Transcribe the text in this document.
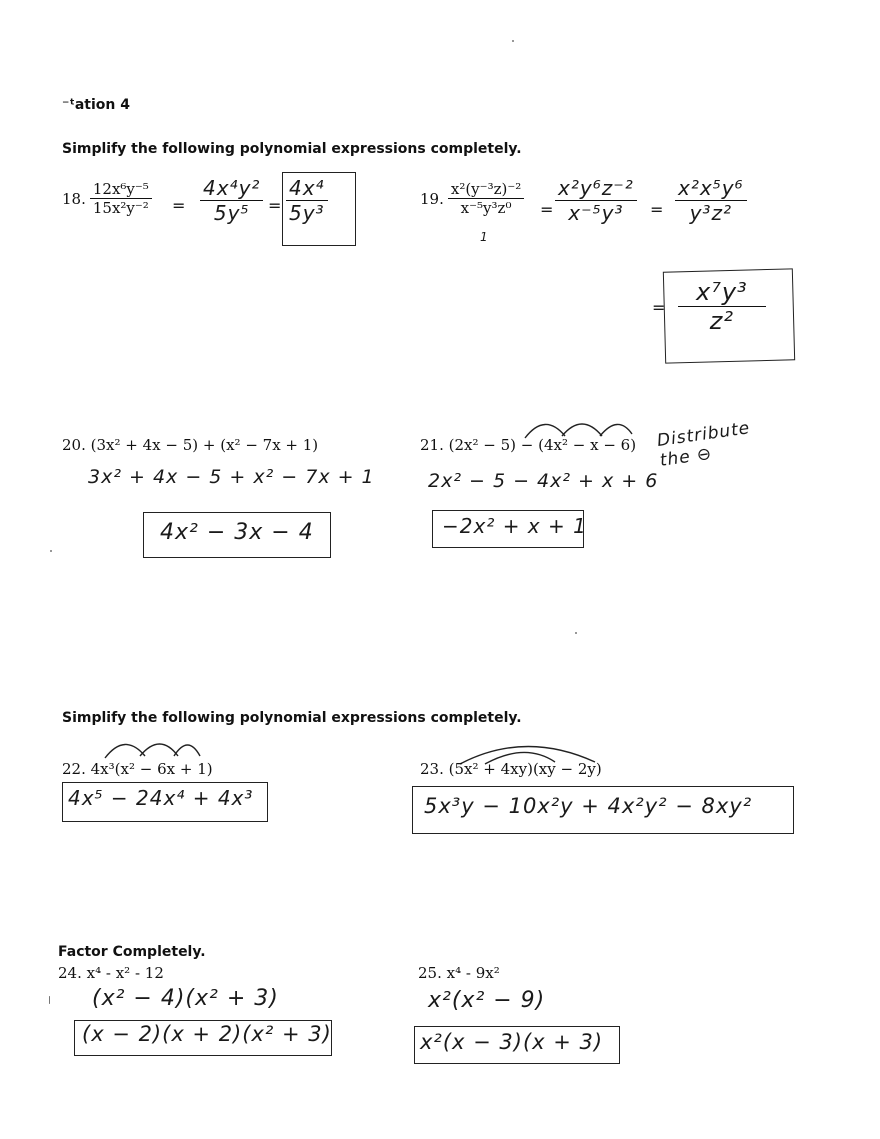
⁻ᵗation 4
Simplify the following polynomial expressions completely.
18. $\frac{\text{12x⁶y⁻⁵}}{\text{15x²y⁻²}} = \frac{\text{4x⁴y²}}{\text{5y⁵}} = \frac{\text{4x⁴}}{\text{5y³}}$	19. $\frac{\text{x²(y⁻³z)⁻²}}{\text{x⁻⁵y³z⁰}}$
1
= $\frac{\text{x²y⁶z⁻²}}{\text{x⁻⁵y³}} = \frac{\text{x²x⁵y⁶}}{\text{y³z²}}$
= $\frac{\text{x⁷y³}}{\text{z²}}$
20. (3x² + 4x − 5) + (x² − 7x + 1)
3x² + 4x − 5 + x² − 7x + 1
4x² − 3x − 4
21. (2x² − 5) − (4x² − x − 6) Distribute the ⊖
2x² − 5 − 4x² + x + 6
−2x² + x + 1
Simplify the following polynomial expressions completely.
22. 4x³(x² − 6x + 1)
4x⁵ − 24x⁴ + 4x³
23. (5x² + 4xy)(xy − 2y)
5x³y − 10x²y + 4x²y² − 8xy²
Factor Completely.
24. x⁴ - x² - 12
(x² − 4)(x² + 3)
(x − 2)(x + 2)(x² + 3)
25. x⁴ - 9x²
x²(x² − 9)
x²(x − 3)(x + 3)
